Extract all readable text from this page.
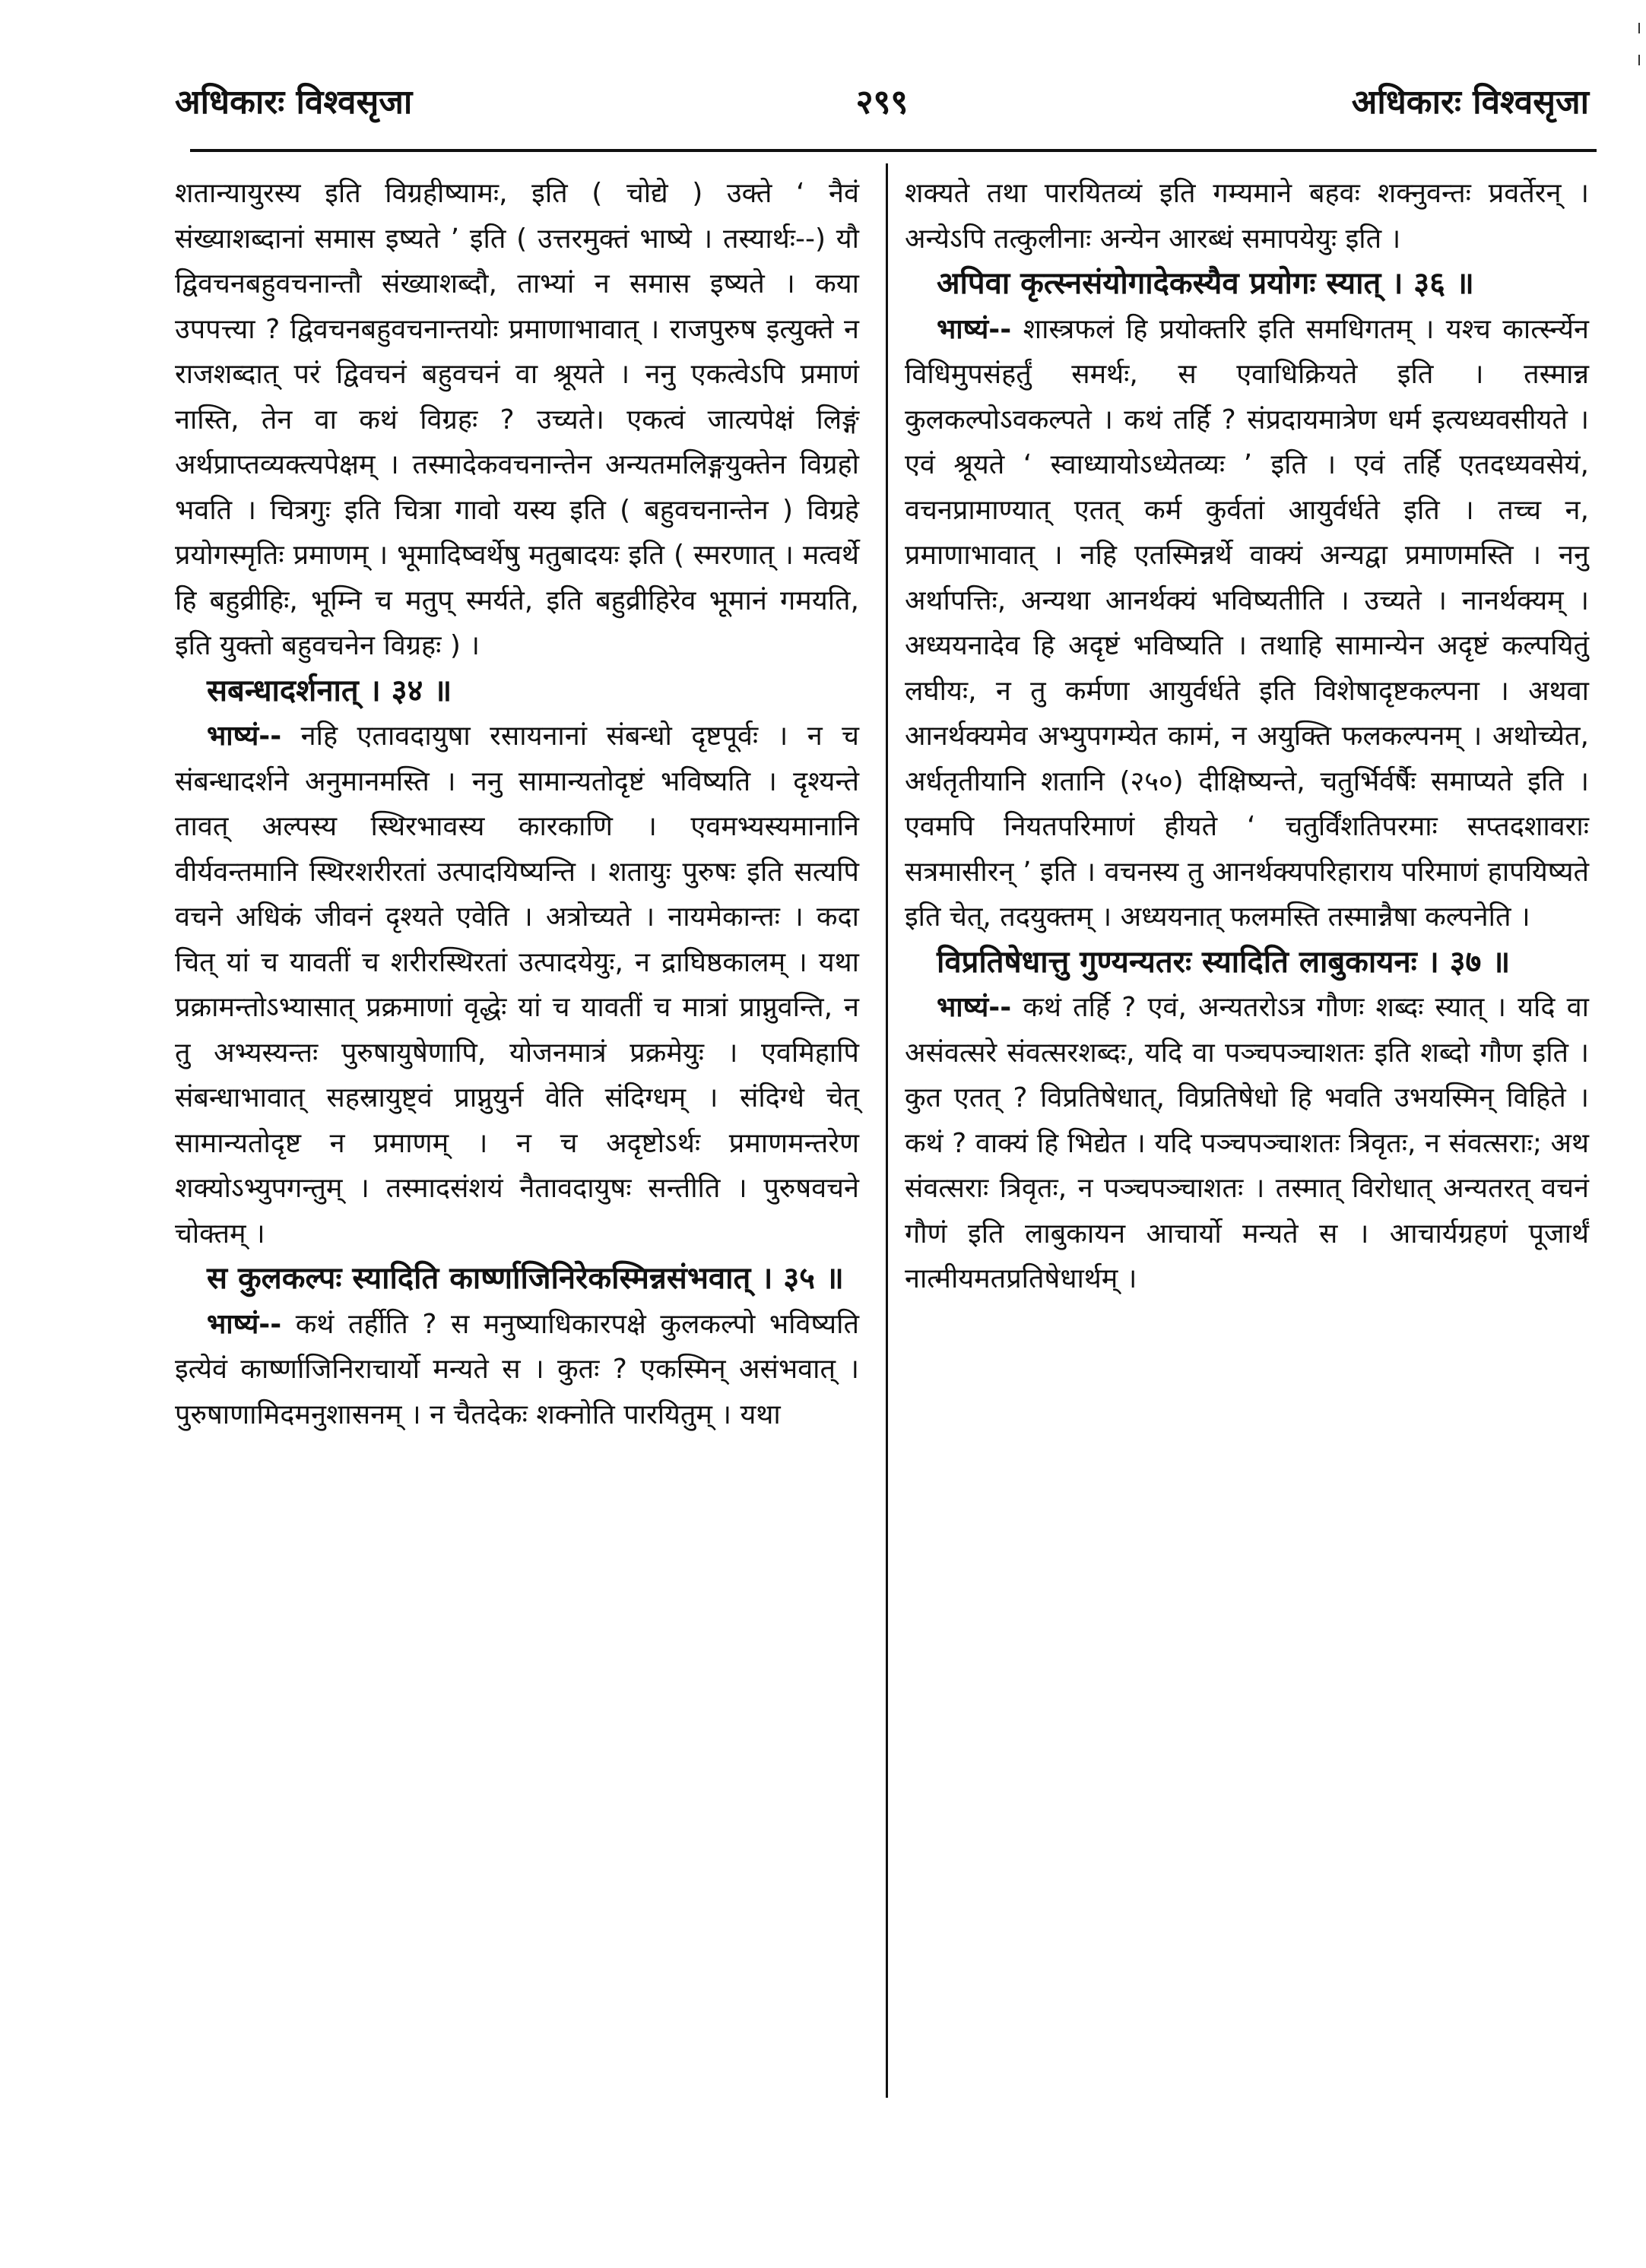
२९९
अधिकारः विश्वसृजा	अधिकारः विश्वसृजा

शतान्यायुरस्य इति विग्रहीष्यामः, इति ( चोद्ये ) उक्ते ‘ नैवं संख्याशब्दानां समास इष्यते ’ इति ( उत्तरमुक्तं भाष्ये । तस्यार्थः--) यौ द्विवचनबहुवचनान्तौ संख्याशब्दौ, ताभ्यां न समास इष्यते । कया उपपत्त्या ? द्विवचनबहुवचनान्तयोः प्रमाणाभावात् । राजपुरुष इत्युक्ते न राजशब्दात् परं द्विवचनं बहुवचनं वा श्रूयते । ननु एकत्वेऽपि प्रमाणं नास्ति, तेन वा कथं विग्रहः ? उच्यते। एकत्वं जात्यपेक्षं लिङ्गं अर्थप्राप्तव्यक्त्यपेक्षम् । तस्मादेकवचनान्तेन अन्यतमलिङ्गयुक्तेन विग्रहो भवति । चित्रगुः इति चित्रा गावो यस्य इति ( बहुवचनान्तेन ) विग्रहे प्रयोगस्मृतिः प्रमाणम् । भूमादिष्वर्थेषु मतुबादयः इति ( स्मरणात् । मत्वर्थे हि बहुव्रीहिः, भूम्नि च मतुप् स्मर्यते, इति बहुव्रीहिरेव भूमानं गमयति, इति युक्तो बहुवचनेन विग्रहः ) ।

सबन्धादर्शनात् । ३४ ॥

भाष्यं-- नहि एतावदायुषा रसायनानां संबन्धो दृष्टपूर्वः । न च संबन्धादर्शने अनुमानमस्ति । ननु सामान्यतोदृष्टं भविष्यति । दृश्यन्ते तावत् अल्पस्य स्थिरभावस्य कारकाणि । एवमभ्यस्यमानानि वीर्यवन्तमानि स्थिरशरीरतां उत्पादयिष्यन्ति । शतायुः पुरुषः इति सत्यपि वचने अधिकं जीवनं दृश्यते एवेति । अत्रोच्यते । नायमेकान्तः । कदा चित् यां च यावतीं च शरीरस्थिरतां उत्पादयेयुः, न द्राघिष्ठकालम् । यथा प्रक्रामन्तोऽभ्यासात् प्रक्रमाणां वृद्धेः यां च यावतीं च मात्रां प्राप्नुवन्ति, न तु अभ्यस्यन्तः पुरुषायुषेणापि, योजनमात्रं प्रक्रमेयुः । एवमिहापि संबन्धाभावात् सहस्रायुष्ट्वं प्राप्नुयुर्न वेति संदिग्धम् । संदिग्धे चेत् सामान्यतोदृष्ट न प्रमाणम् । न च अदृष्टोऽर्थः प्रमाणमन्तरेण शक्योऽभ्युपगन्तुम् । तस्मादसंशयं नैतावदायुषः सन्तीति । पुरुषवचने चोक्तम् ।

स कुलकल्पः स्यादिति कार्ष्णाजिनिरेकस्मिन्नसंभवात् । ३५ ॥

भाष्यं-- कथं तर्हीति ? स मनुष्याधिकारपक्षे कुलकल्पो भविष्यति इत्येवं कार्ष्णाजिनिराचार्यो मन्यते स । कुतः ? एकस्मिन् असंभवात् । पुरुषाणामिदमनुशासनम् । न चैतदेकः शक्नोति पारयितुम् । यथा

शक्यते तथा पारयितव्यं इति गम्यमाने बहवः शक्नुवन्तः प्रवर्तेरन् । अन्येऽपि तत्कुलीनाः अन्येन आरब्धं समापयेयुः इति ।

अपिवा कृत्स्नसंयोगादेकस्यैव प्रयोगः स्यात् । ३६ ॥

भाष्यं-- शास्त्रफलं हि प्रयोक्तरि इति समधिगतम् । यश्च कार्त्स्न्येन विधिमुपसंहर्तुं समर्थः, स एवाधिक्रियते इति । तस्मान्न कुलकल्पोऽवकल्पते । कथं तर्हि ? संप्रदायमात्रेण धर्म इत्यध्यवसीयते । एवं श्रूयते ‘ स्वाध्यायोऽध्येतव्यः ’ इति । एवं तर्हि एतदध्यवसेयं, वचनप्रामाण्यात् एतत् कर्म कुर्वतां आयुर्वर्धते इति । तच्च न, प्रमाणाभावात् । नहि एतस्मिन्नर्थे वाक्यं अन्यद्वा प्रमाणमस्ति । ननु अर्थापत्तिः, अन्यथा आनर्थक्यं भविष्यतीति । उच्यते । नानर्थक्यम् । अध्ययनादेव हि अदृष्टं भविष्यति । तथाहि सामान्येन अदृष्टं कल्पयितुं लघीयः, न तु कर्मणा आयुर्वर्धते इति विशेषादृष्टकल्पना । अथवा आनर्थक्यमेव अभ्युपगम्येत कामं, न अयुक्ति फलकल्पनम् । अथोच्येत, अर्धतृतीयानि शतानि (२५०) दीक्षिष्यन्ते, चतुर्भिर्वर्षैः समाप्यते इति । एवमपि नियतपरिमाणं हीयते ‘ चतुर्विंशतिपरमाः सप्तदशावराः सत्रमासीरन् ’ इति । वचनस्य तु आनर्थक्यपरिहाराय परिमाणं हापयिष्यते इति चेत्, तदयुक्तम् । अध्ययनात् फलमस्ति तस्मान्नैषा कल्पनेति ।

विप्रतिषेधात्तु गुण्यन्यतरः स्यादिति लाबुकायनः । ३७ ॥

भाष्यं-- कथं तर्हि ? एवं, अन्यतरोऽत्र गौणः शब्दः स्यात् । यदि वा असंवत्सरे संवत्सरशब्दः, यदि वा पञ्चपञ्चाशतः इति शब्दो गौण इति । कुत एतत् ? विप्रतिषेधात्, विप्रतिषेधो हि भवति उभयस्मिन् विहिते । कथं ? वाक्यं हि भिद्येत । यदि पञ्चपञ्चाशतः त्रिवृतः, न संवत्सराः; अथ संवत्सराः त्रिवृतः, न पञ्चपञ्चाशतः । तस्मात् विरोधात् अन्यतरत् वचनं गौणं इति लाबुकायन आचार्यो मन्यते स । आचार्यग्रहणं पूजार्थं नात्मीयमतप्रतिषेधार्थम् ।
